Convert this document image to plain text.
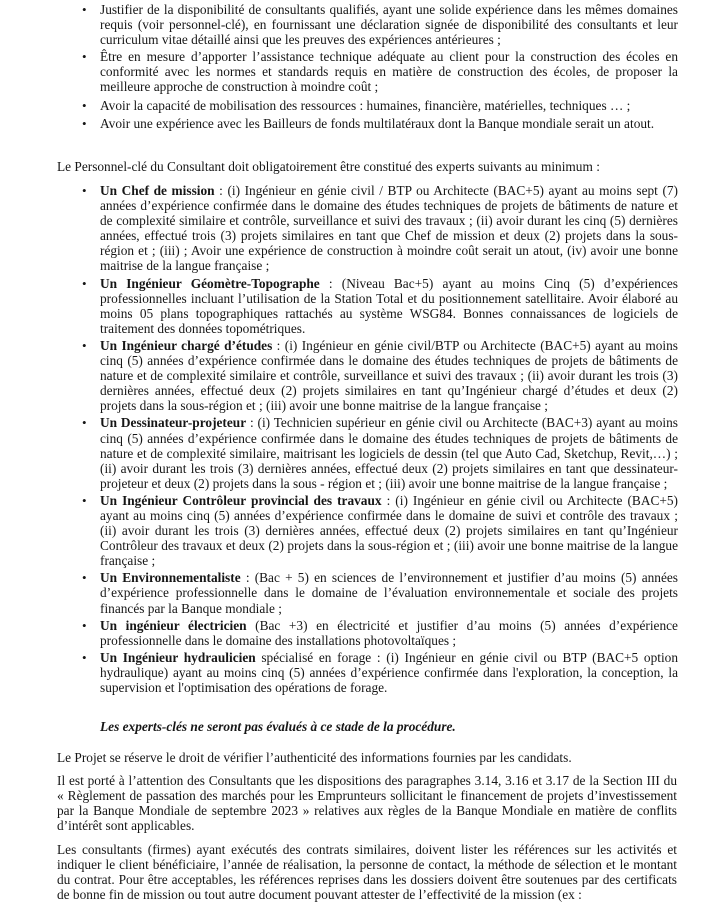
• Justifier de la disponibilité de consultants qualifiés, ayant une solide expérience dans les mêmes domaines requis (voir personnel-clé), en fournissant une déclaration signée de disponibilité des consultants et leur curriculum vitae détaillé ainsi que les preuves des expériences antérieures ;
• Être en mesure d’apporter l’assistance technique adéquate au client pour la construction des écoles en conformité avec les normes et standards requis en matière de construction des écoles, de proposer la meilleure approche de construction à moindre coût ;
• Avoir la capacité de mobilisation des ressources : humaines, financière, matérielles, techniques … ;
• Avoir une expérience avec les Bailleurs de fonds multilatéraux dont la Banque mondiale serait un atout.

Le Personnel-clé du Consultant doit obligatoirement être constitué des experts suivants au minimum :

• Un Chef de mission : (i) Ingénieur en génie civil / BTP ou Architecte (BAC+5) ayant au moins sept (7) années d’expérience confirmée dans le domaine des études techniques de projets de bâtiments de nature et de complexité similaire et contrôle, surveillance et suivi des travaux ; (ii) avoir durant les cinq (5) dernières années, effectué trois (3) projets similaires en tant que Chef de mission et deux (2) projets dans la sous-région et ; (iii) ; Avoir une expérience de construction à moindre coût serait un atout, (iv) avoir une bonne maitrise de la langue française ;
• Un Ingénieur Géomètre-Topographe : (Niveau Bac+5) ayant au moins Cinq (5) d’expériences professionnelles incluant l’utilisation de la Station Total et du positionnement satellitaire. Avoir élaboré au moins 05 plans topographiques rattachés au système WSG84. Bonnes connaissances de logiciels de traitement des données topométriques.
• Un Ingénieur chargé d’études : (i) Ingénieur en génie civil/BTP ou Architecte (BAC+5) ayant au moins cinq (5) années d’expérience confirmée dans le domaine des études techniques de projets de bâtiments de nature et de complexité similaire et contrôle, surveillance et suivi des travaux ; (ii) avoir durant les trois (3) dernières années, effectué deux (2) projets similaires en tant qu’Ingénieur chargé d’études et deux (2) projets dans la sous-région et ; (iii) avoir une bonne maitrise de la langue française ;
• Un Dessinateur-projeteur : (i) Technicien supérieur en génie civil ou Architecte (BAC+3) ayant au moins cinq (5) années d’expérience confirmée dans le domaine des études techniques de projets de bâtiments de nature et de complexité similaire, maitrisant les logiciels de dessin (tel que Auto Cad, Sketchup, Revit,…) ; (ii) avoir durant les trois (3) dernières années, effectué deux (2) projets similaires en tant que dessinateur-projeteur et deux (2) projets dans la sous - région et ; (iii) avoir une bonne maitrise de la langue française ;
• Un Ingénieur Contrôleur provincial des travaux : (i) Ingénieur en génie civil ou Architecte (BAC+5) ayant au moins cinq (5) années d’expérience confirmée dans le domaine de suivi et contrôle des travaux ; (ii) avoir durant les trois (3) dernières années, effectué deux (2) projets similaires en tant qu’Ingénieur Contrôleur des travaux et deux (2) projets dans la sous-région et ; (iii) avoir une bonne maitrise de la langue française ;
• Un Environnementaliste : (Bac + 5) en sciences de l’environnement et justifier d’au moins (5) années d’expérience professionnelle dans le domaine de l’évaluation environnementale et sociale des projets financés par la Banque mondiale ;
• Un ingénieur électricien (Bac +3) en électricité et justifier d’au moins (5) années d’expérience professionnelle dans le domaine des installations photovoltaïques ;
• Un Ingénieur hydraulicien spécialisé en forage : (i) Ingénieur en génie civil ou BTP (BAC+5 option hydraulique) ayant au moins cinq (5) années d’expérience confirmée dans l'exploration, la conception, la supervision et l'optimisation des opérations de forage.

Les experts-clés ne seront pas évalués à ce stade de la procédure.

Le Projet se réserve le droit de vérifier l’authenticité des informations fournies par les candidats.

Il est porté à l’attention des Consultants que les dispositions des paragraphes 3.14, 3.16 et 3.17 de la Section III du « Règlement de passation des marchés pour les Emprunteurs sollicitant le financement de projets d’investissement par la Banque Mondiale de septembre 2023 » relatives aux règles de la Banque Mondiale en matière de conflits d’intérêt sont applicables.

Les consultants (firmes) ayant exécutés des contrats similaires, doivent lister les références sur les activités et indiquer le client bénéficiaire, l’année de réalisation, la personne de contact, la méthode de sélection et le montant du contrat. Pour être acceptables, les références reprises dans les dossiers doivent être soutenues par des certificats de bonne fin de mission ou tout autre document pouvant attester de l’effectivité de la mission (ex :
